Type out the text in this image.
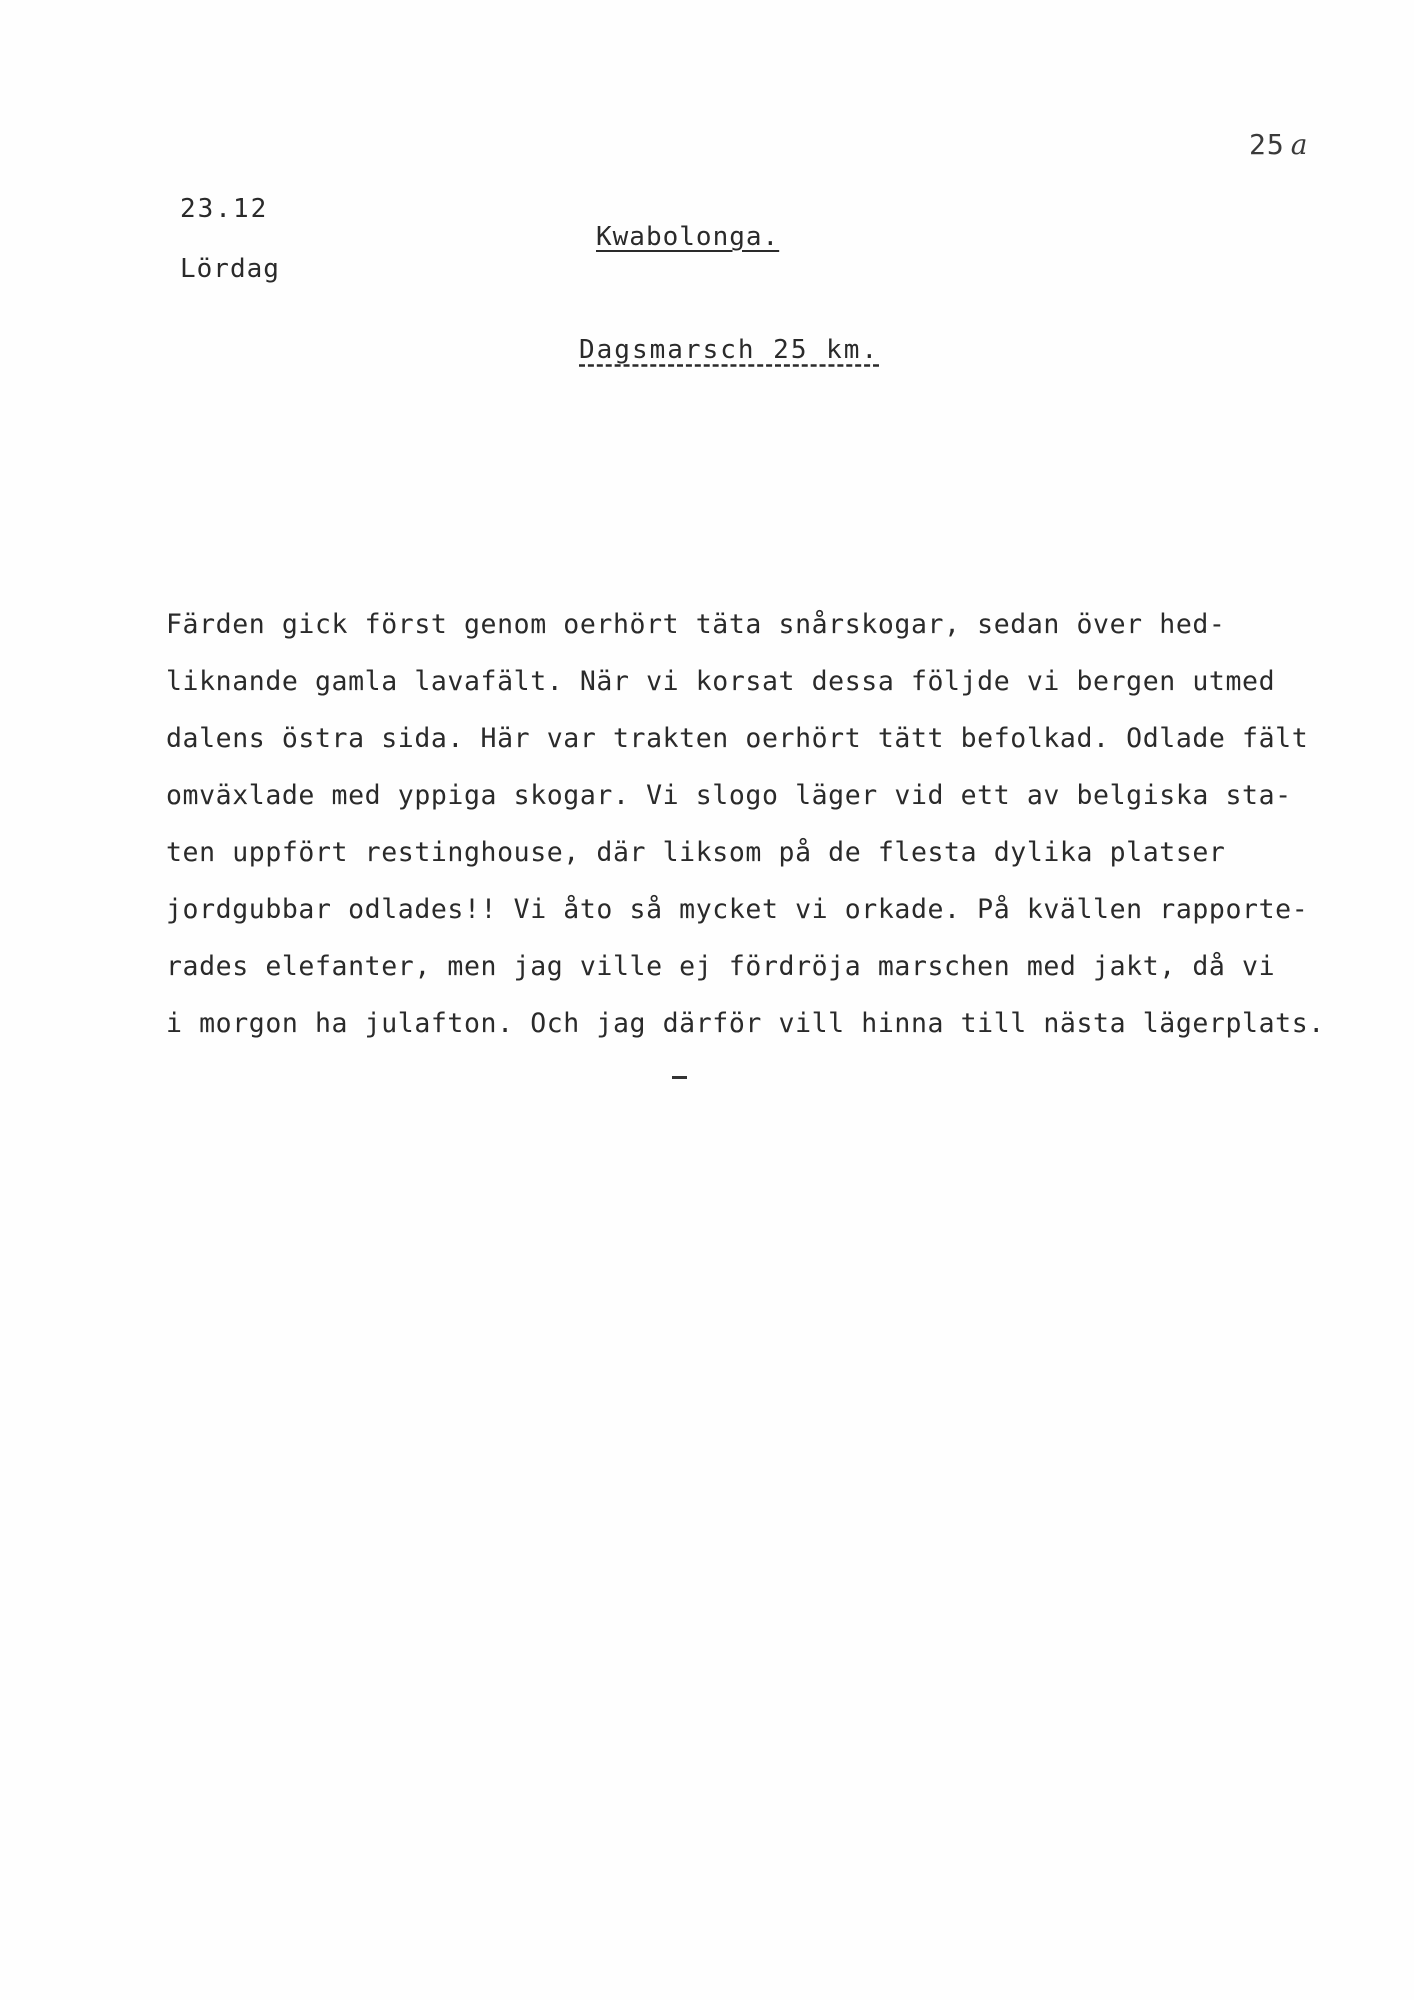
25 a
23.12
Lördag
Kwabolonga.
Dagsmarsch 25 km.
Färden gick först genom oerhört täta snårskogar, sedan över hed-
liknande gamla lavafält. När vi korsat dessa följde vi bergen utmed
dalens östra sida. Här var trakten oerhört tätt befolkad. Odlade fält
omväxlade med yppiga skogar. Vi slogo läger vid ett av belgiska sta-
ten uppfört restinghouse, där liksom på de flesta dylika platser
jordgubbar odlades!! Vi åto så mycket vi orkade. På kvällen rapporte-
rades elefanter, men jag ville ej fördröja marschen med jakt, då vi
i morgon ha julafton. Och jag därför vill hinna till nästa lägerplats.
